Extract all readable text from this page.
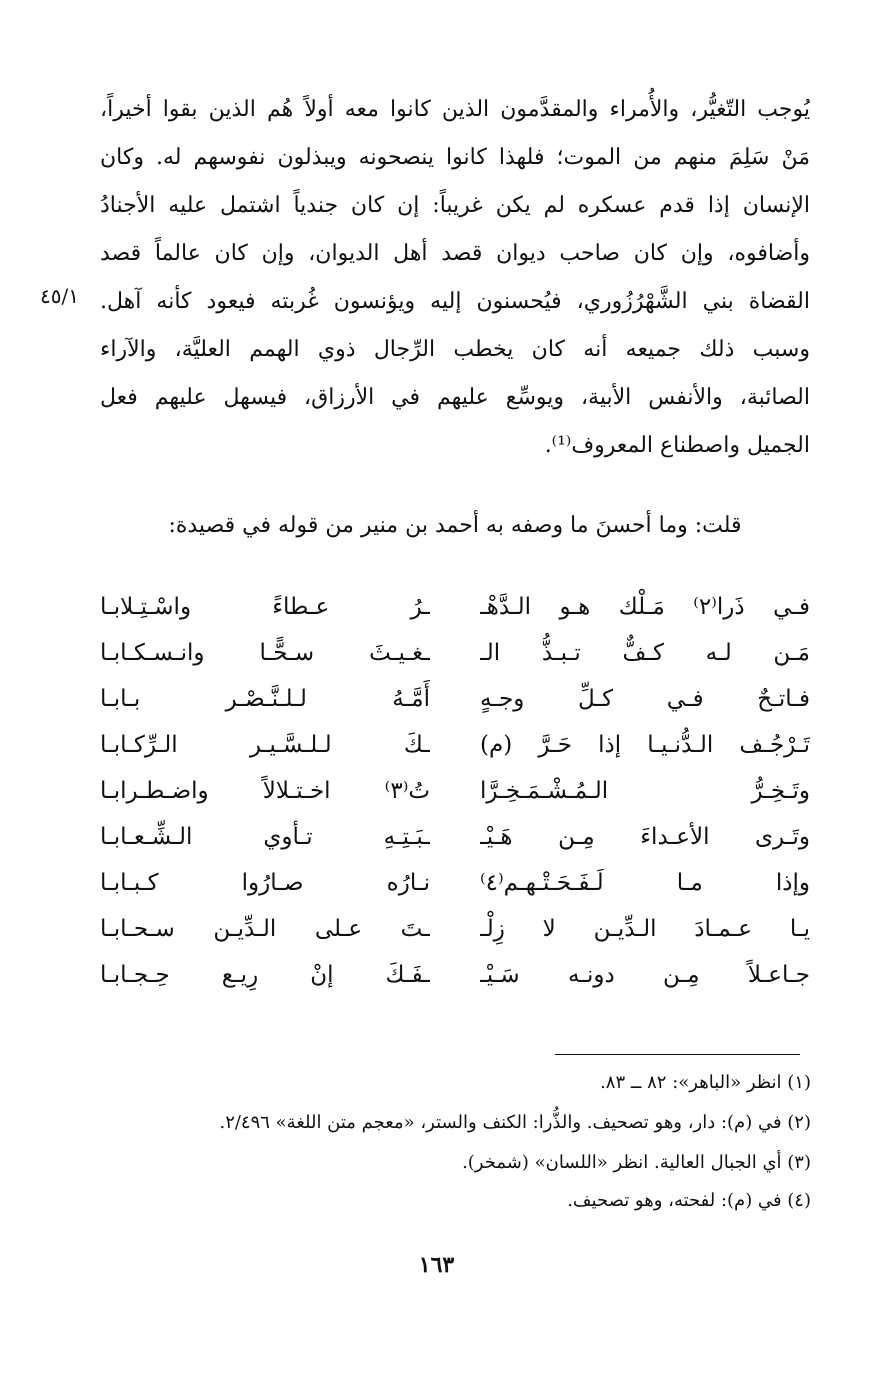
يُوجب التّغيُّر، والأُمراء والمقدَّمون الذين كانوا معه أولاً هُم الذين بقوا أخيراً،
مَنْ سَلِمَ منهم من الموت؛ فلهذا كانوا ينصحونه ويبذلون نفوسهم له. وكان
الإنسان إذا قدم عسكره لم يكن غريباً: إن كان جندياً اشتمل عليه الأجنادُ
وأضافوه، وإن كان صاحب ديوان قصد أهل الديوان، وإن كان عالماً قصد
القضاة بني الشَّهْرُزُوري، فيُحسنون إليه ويؤنسون غُربته فيعود كأنه آهل.
وسبب ذلك جميعه أنه كان يخطب الرِّجال ذوي الهمم العليَّة، والآراء
الصائبة، والأنفس الأبية، ويوسِّع عليهم في الأرزاق، فيسهل عليهم فعل
الجميل واصطناع المعروف⁽¹⁾.
٤٥/١
قلت: وما أحسنَ ما وصفه به أحمد بن منير من قوله في قصيدة:
فـي ذَرا⁽٢⁾ مَـلْك هـو الـدَّهْـ
ـرُ عـطاءً واسْـتِـلابـا
مَـن لـه كـفٌّ تـبـذُّ الـ
ـغـيـثَ سـحًّـا وانـسـكـابـا
فـاتـحٌ فـي كـلِّ وجـهٍ
أَمَّـهُ لـلـنَّـصْـر بـابـا
تَـرْجُـف الـدُّنـيـا إذا حَـرَّ (م)
ـكَ لـلـسَّـيـر الـرِّكـابـا
وتَـخِـرُّ الـمُـشْـمَـخِـرَّا
تُ⁽٣⁾ اخـتـلالاً واضـطـرابـا
وتَـرى الأعـداءَ مِـن هَـيْـ
ـبَـتِـهِ تـأوي الـشِّـعـابـا
وإذا مـا لَـفَـحَـتْـهـم⁽٤⁾
نـارُه صـارُوا كـبـابـا
يـا عـمـادَ الـدِّيـن لا زِلْـ
ـتَ عـلى الـدِّيـن سـحـابـا
جـاعـلاً مِـن دونـه سَـيْـ
ـفَـكَ إنْ رِيـع حِـجـابـا
(١) انظر «الباهر»: ٨٢ ــ ٨٣.
(٢) في (م): دار، وهو تصحيف. والذُّرا: الكنف والستر، «معجم متن اللغة» ٢/٤٩٦.
(٣) أي الجبال العالية. انظر «اللسان» (شمخر).
(٤) في (م): لفحته، وهو تصحيف.
١٦٣
